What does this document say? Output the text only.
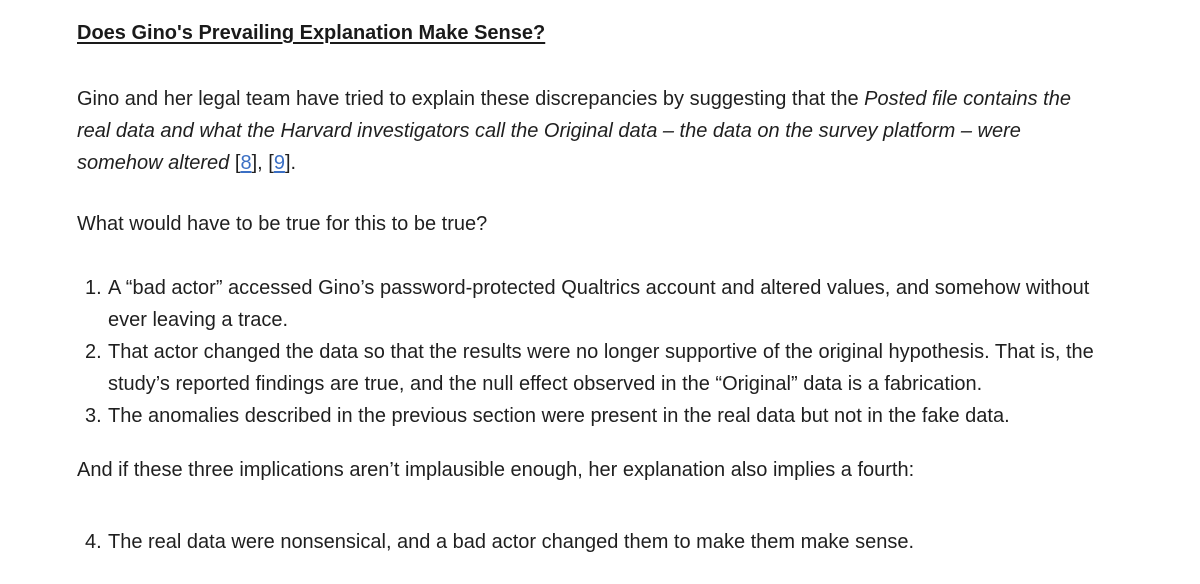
Does Gino's Prevailing Explanation Make Sense?
Gino and her legal team have tried to explain these discrepancies by suggesting that the Posted file contains the real data and what the Harvard investigators call the Original data – the data on the survey platform – were somehow altered [8], [9].
What would have to be true for this to be true?
1. A “bad actor” accessed Gino’s password-protected Qualtrics account and altered values, and somehow without ever leaving a trace.
2. That actor changed the data so that the results were no longer supportive of the original hypothesis. That is, the study’s reported findings are true, and the null effect observed in the “Original” data is a fabrication.
3. The anomalies described in the previous section were present in the real data but not in the fake data.
And if these three implications aren’t implausible enough, her explanation also implies a fourth:
4. The real data were nonsensical, and a bad actor changed them to make them make sense.
